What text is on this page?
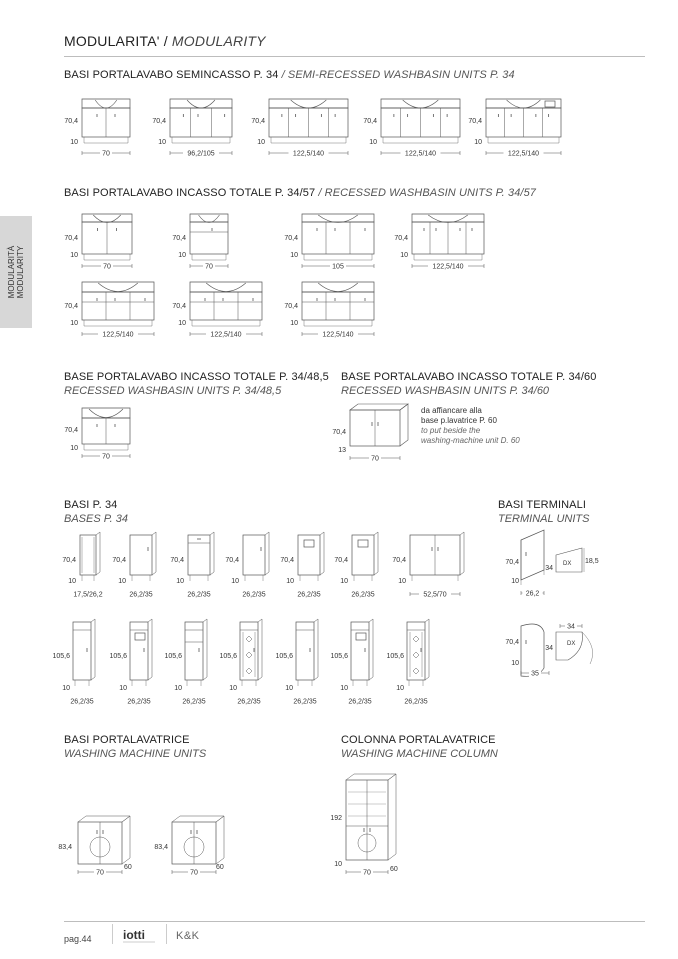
MODULARITA' / MODULARITY
MODULARITÀ MODULARITY
BASI PORTALAVABO SEMINCASSO P. 34 / SEMI-RECESSED WASHBASIN UNITS P. 34
BASI PORTALAVABO INCASSO TOTALE P. 34/57 / RECESSED WASHBASIN UNITS P. 34/57
BASE PORTALAVABO INCASSO TOTALE P. 34/48,5
RECESSED WASHBASIN UNITS P. 34/48,5
BASE PORTALAVABO INCASSO TOTALE P. 34/60
RECESSED WASHBASIN UNITS P. 34/60
BASI P. 34
BASES P. 34
BASI TERMINALI
TERMINAL UNITS
BASI PORTALAVATRICE
WASHING MACHINE UNITS
COLONNA PORTALAVATRICE
WASHING MACHINE COLUMN
da affiancare alla
base p.lavatrice P. 60
to put beside the
washing-machine unit D. 60
70,4
10
70
70,4
10
96,2/105
70,4
10
122,5/140
70,4
10
122,5/140
70,4
10
122,5/140
70,4
10
70
70,4
10
70
70,4
10
105
70,4
10
122,5/140
70,4
10
122,5/140
70,4
10
122,5/140
70,4
10
122,5/140
70,4
10
70
70,4
13
70
70,4
10
17,5/26,2
70,4
10
26,2/35
70,4
10
26,2/35
70,4
10
26,2/35
70,4
10
26,2/35
70,4
10
26,2/35
70,4
10
52,5/70
105,6
10
26,2/35
105,6
10
26,2/35
105,6
10
26,2/35
105,6
10
26,2/35
105,6
10
26,2/35
105,6
10
26,2/35
105,6
10
26,2/35
70,4
10
26,2
DX
34
18,5
70,4
10
35
DX
34
34
83,4
70
60
83,4
70
60
192
10
70	60
pag.44	iotti	K&K
